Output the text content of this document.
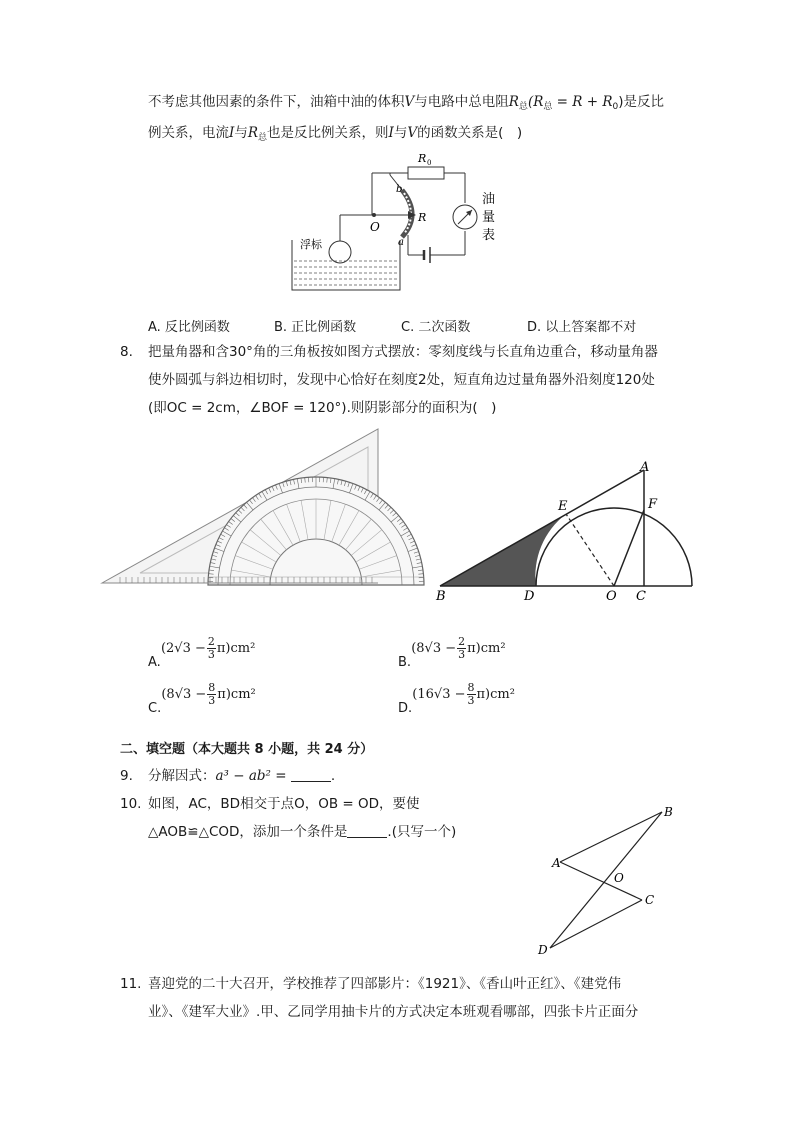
不考虑其他因素的条件下，油箱中油的体积V与电路中总电阻$R_总(R_总 = R + R_0)$是反比
例关系，电流I与$R_总$也是反比例关系，则I与V的函数关系是(　)
R 0
b
a
R
O
浮标
油
量
表
A. 反比例函数	B. 正比例函数	C. 二次函数	D. 以上答案都不对
8. 把量角器和含30°角的三角板按如图方式摆放：零刻度线与长直角边重合，移动量角器
使外圆弧与斜边相切时，发现中心恰好在刻度2处，短直角边过量角器外沿刻度120处
(即OC = 2cm，∠BOF = 120°).则阴影部分的面积为(　)
A
E	F
B	D	O C
A. $(2√3 - \frac{2}{3} \pi)cm^2$
B. $(8√3 - \frac{2}{3} \pi)cm^2$
C. $(8√3 - \frac{8}{3} \pi)cm^2$
D. $(16√3 - \frac{8}{3} \pi)cm^2$
二、填空题（本大题共 8 小题，共 24 分）
9. 分解因式：a³ − ab² =	.
10. 如图，AC，BD相交于点O，OB = OD，要使
△AOB≌△COD，添加一个条件是	.(只写一个)
B
A
O
C
D
11. 喜迎党的二十大召开，学校推荐了四部影片：《1921》、《香山叶正红》、《建党伟
业》、《建军大业》.甲、乙同学用抽卡片的方式决定本班观看哪部，四张卡片正面分
